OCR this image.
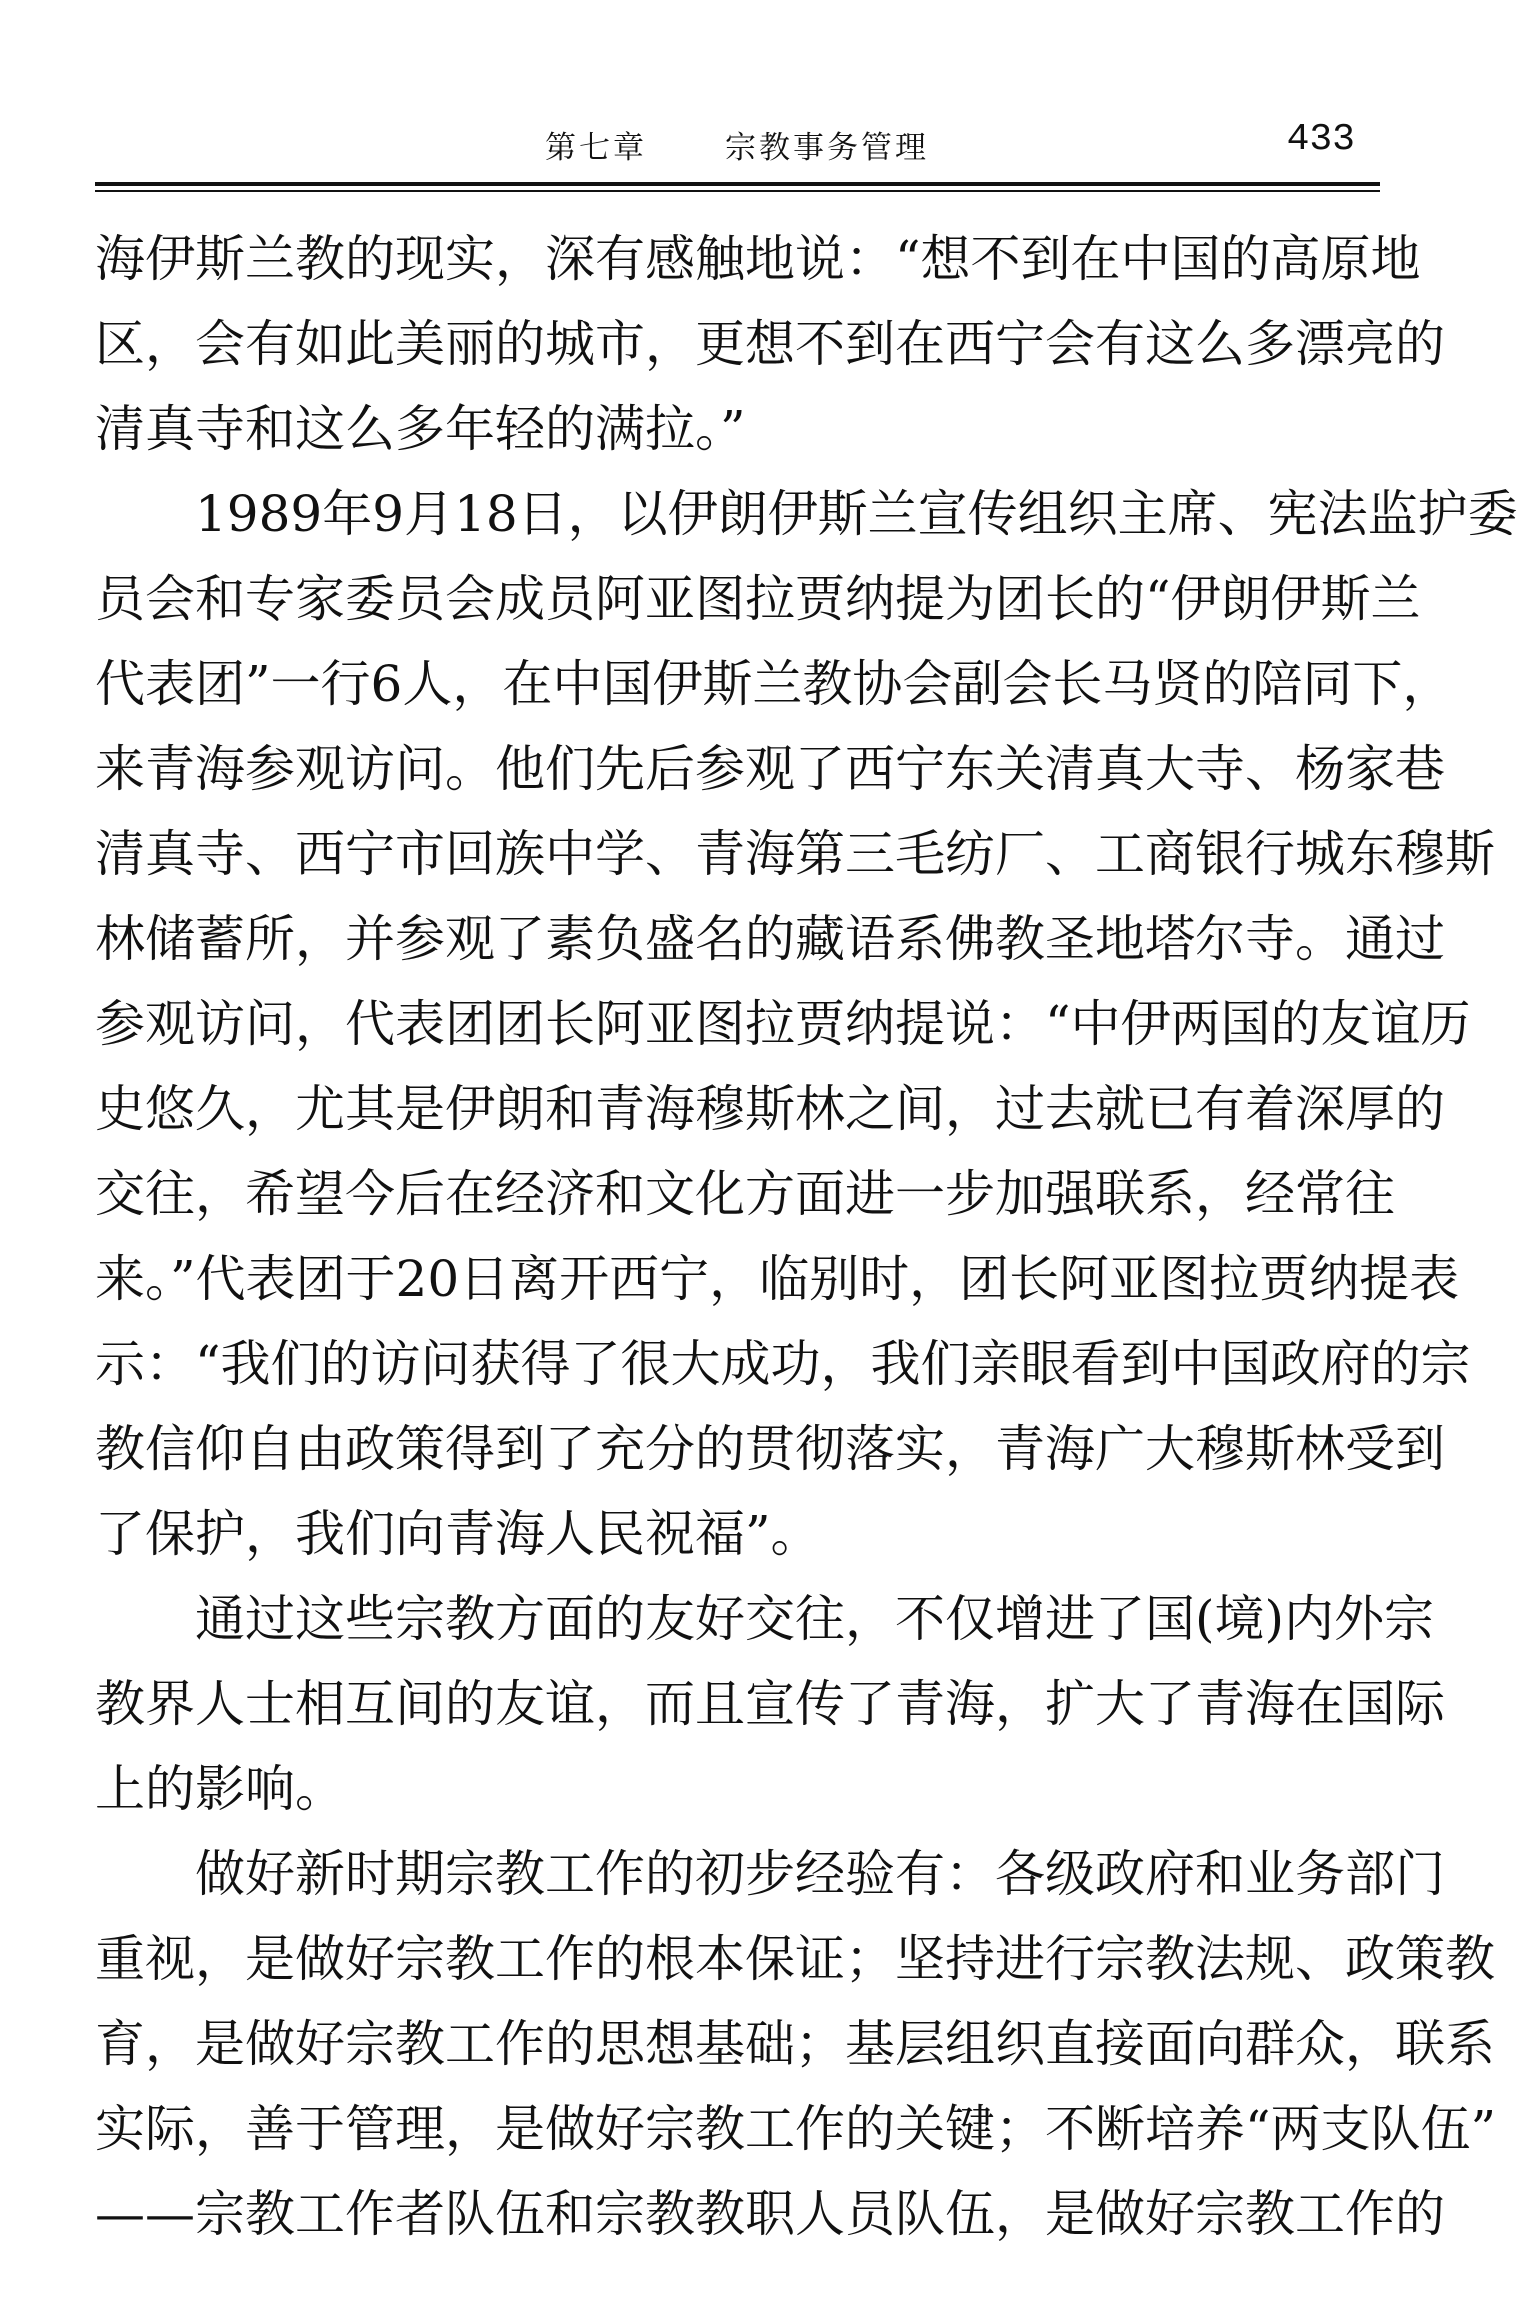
第七章	宗教事务管理	433
海伊斯兰教的现实，深有感触地说：“想不到在中国的高原地
区，会有如此美丽的城市，更想不到在西宁会有这么多漂亮的
清真寺和这么多年轻的满拉。”
1989年9月18日，以伊朗伊斯兰宣传组织主席、宪法监护委
员会和专家委员会成员阿亚图拉贾纳提为团长的“伊朗伊斯兰
代表团”一行6人，在中国伊斯兰教协会副会长马贤的陪同下，
来青海参观访问。他们先后参观了西宁东关清真大寺、杨家巷
清真寺、西宁市回族中学、青海第三毛纺厂、工商银行城东穆斯
林储蓄所，并参观了素负盛名的藏语系佛教圣地塔尔寺。通过
参观访问，代表团团长阿亚图拉贾纳提说：“中伊两国的友谊历
史悠久，尤其是伊朗和青海穆斯林之间，过去就已有着深厚的
交往，希望今后在经济和文化方面进一步加强联系，经常往
来。”代表团于20日离开西宁，临别时，团长阿亚图拉贾纳提表
示：“我们的访问获得了很大成功，我们亲眼看到中国政府的宗
教信仰自由政策得到了充分的贯彻落实，青海广大穆斯林受到
了保护，我们向青海人民祝福”。
通过这些宗教方面的友好交往，不仅增进了国(境)内外宗
教界人士相互间的友谊，而且宣传了青海，扩大了青海在国际
上的影响。
做好新时期宗教工作的初步经验有：各级政府和业务部门
重视，是做好宗教工作的根本保证；坚持进行宗教法规、政策教
育，是做好宗教工作的思想基础；基层组织直接面向群众，联系
实际，善于管理，是做好宗教工作的关键；不断培养“两支队伍”
——宗教工作者队伍和宗教教职人员队伍，是做好宗教工作的
